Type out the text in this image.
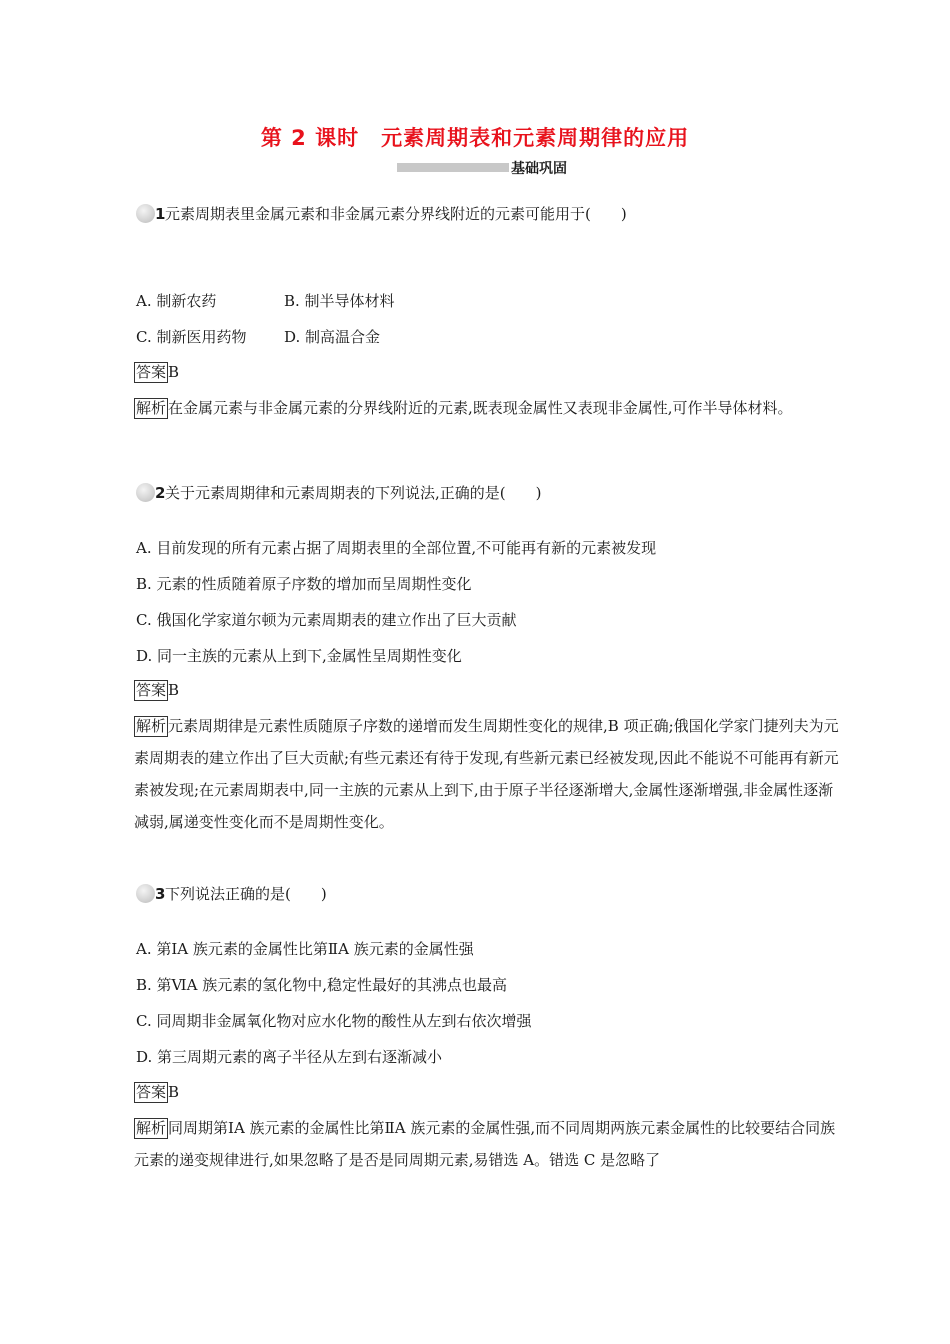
第 2 课时　元素周期表和元素周期律的应用
基础巩固
1 元素周期表里金属元素和非金属元素分界线附近的元素可能用于(　　)
A. 制新农药	B. 制半导体材料
C. 制新医用药物	D. 制高温合金
答案 B
解析 在金属元素与非金属元素的分界线附近的元素,既表现金属性又表现非金属性,可作半导体材料。
2 关于元素周期律和元素周期表的下列说法,正确的是(　　)
A. 目前发现的所有元素占据了周期表里的全部位置,不可能再有新的元素被发现
B. 元素的性质随着原子序数的增加而呈周期性变化
C. 俄国化学家道尔顿为元素周期表的建立作出了巨大贡献
D. 同一主族的元素从上到下,金属性呈周期性变化
答案 B
解析 元素周期律是元素性质随原子序数的递增而发生周期性变化的规律,B 项正确;俄国化学家门捷列夫为元素周期表的建立作出了巨大贡献;有些元素还有待于发现,有些新元素已经被发现,因此不能说不可能再有新元素被发现;在元素周期表中,同一主族的元素从上到下,由于原子半径逐渐增大,金属性逐渐增强,非金属性逐渐减弱,属递变性变化而不是周期性变化。
3 下列说法正确的是(　　)
A. 第ⅠA 族元素的金属性比第ⅡA 族元素的金属性强
B. 第ⅥA 族元素的氢化物中,稳定性最好的其沸点也最高
C. 同周期非金属氧化物对应水化物的酸性从左到右依次增强
D. 第三周期元素的离子半径从左到右逐渐减小
答案 B
解析 同周期第ⅠA 族元素的金属性比第ⅡA 族元素的金属性强,而不同周期两族元素金属性的比较要结合同族元素的递变规律进行,如果忽略了是否是同周期元素,易错选 A。错选 C 是忽略了
